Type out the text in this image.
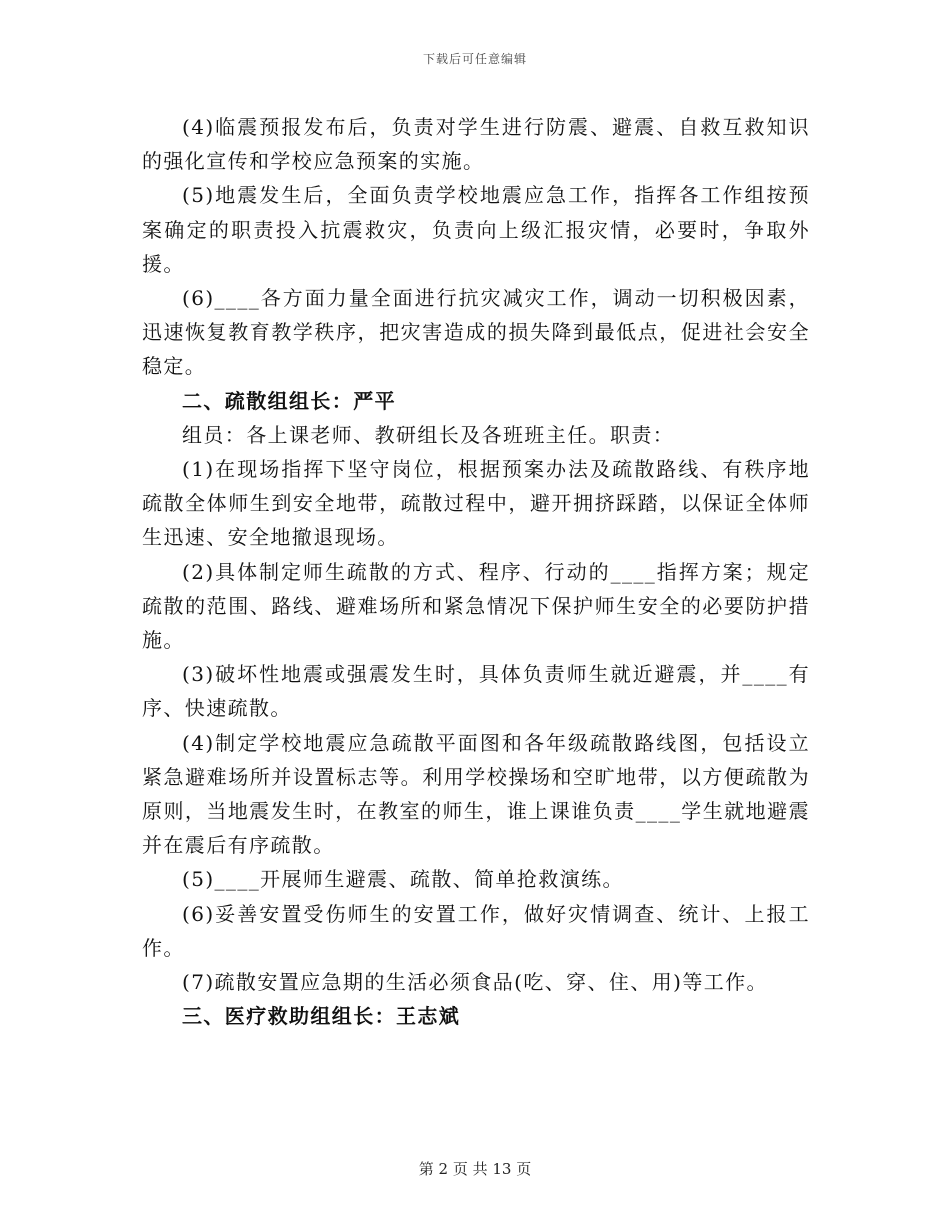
下载后可任意编辑

(4)临震预报发布后，负责对学生进行防震、避震、自救互救知识的强化宣传和学校应急预案的实施。

(5)地震发生后，全面负责学校地震应急工作，指挥各工作组按预案确定的职责投入抗震救灾，负责向上级汇报灾情，必要时，争取外援。

(6)____各方面力量全面进行抗灾减灾工作，调动一切积极因素，迅速恢复教育教学秩序，把灾害造成的损失降到最低点，促进社会安全稳定。

二、疏散组组长：严平

组员：各上课老师、教研组长及各班班主任。职责：

(1)在现场指挥下坚守岗位，根据预案办法及疏散路线、有秩序地疏散全体师生到安全地带，疏散过程中，避开拥挤踩踏，以保证全体师生迅速、安全地撤退现场。

(2)具体制定师生疏散的方式、程序、行动的____指挥方案；规定疏散的范围、路线、避难场所和紧急情况下保护师生安全的必要防护措施。

(3)破坏性地震或强震发生时，具体负责师生就近避震，并____有序、快速疏散。

(4)制定学校地震应急疏散平面图和各年级疏散路线图，包括设立紧急避难场所并设置标志等。利用学校操场和空旷地带，以方便疏散为原则，当地震发生时，在教室的师生，谁上课谁负责____学生就地避震并在震后有序疏散。

(5)____开展师生避震、疏散、简单抢救演练。

(6)妥善安置受伤师生的安置工作，做好灾情调查、统计、上报工作。

(7)疏散安置应急期的生活必须食品(吃、穿、住、用)等工作。

三、医疗救助组组长：王志斌

第 2 页 共 13 页
